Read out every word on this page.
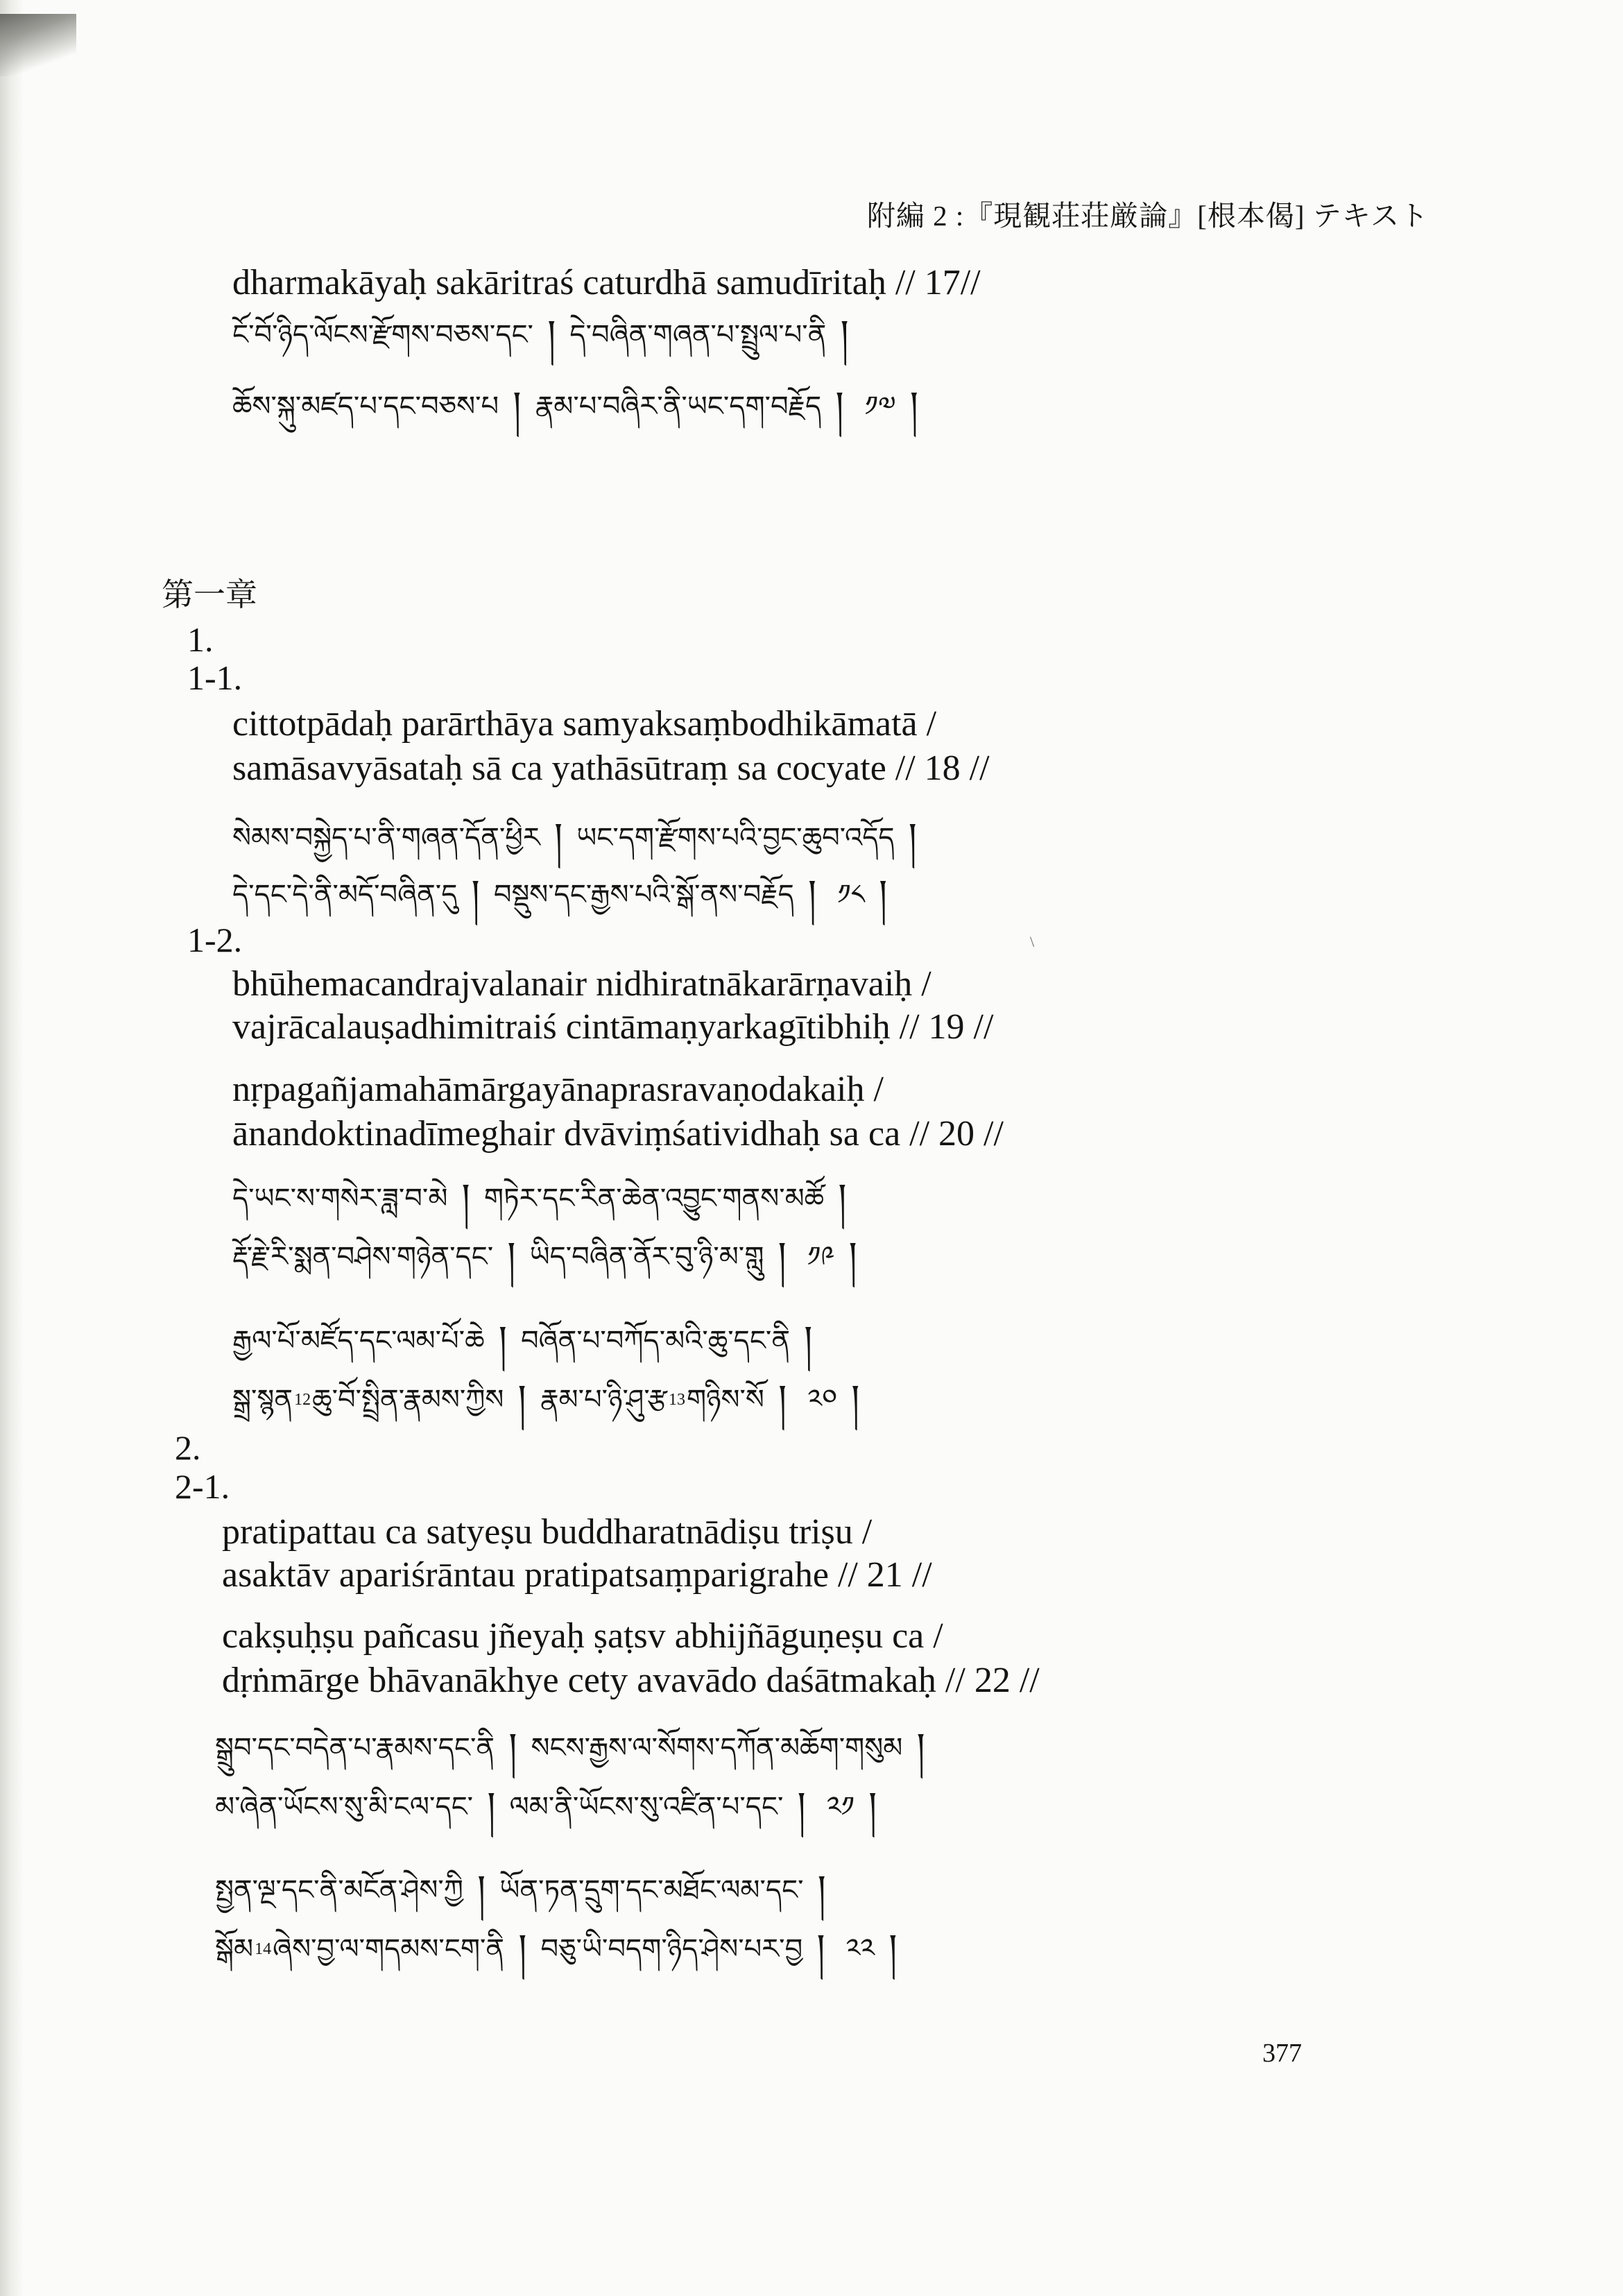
附編 2 :『現観荘荘厳論』[根本偈] テキスト
dharmakāyaḥ sakāritraś caturdhā samudīritaḥ // 17//
ངོ་བོ་ཉིད་ལོངས་རྫོགས་བཅས་དང་ ། དེ་བཞིན་གཞན་པ་སྤྲུལ་པ་ནི །
ཆོས་སྐུ་མཛད་པ་དང་བཅས་པ ། རྣམ་པ་བཞིར་ནི་ཡང་དག་བརྗོད ། ༡༧ །
第一章
1.
1-1.
cittotpādaḥ parārthāya samyaksaṃbodhikāmatā /
samāsavyāsataḥ sā ca yathāsūtraṃ sa cocyate // 18 //
སེམས་བསྐྱེད་པ་ནི་གཞན་དོན་ཕྱིར ། ཡང་དག་རྫོགས་པའི་བྱང་ཆུབ་འདོད །
དེ་དང་དེ་ནི་མདོ་བཞིན་དུ ། བསྡུས་དང་རྒྱས་པའི་སྒོ་ནས་བརྗོད ། ༡༨ །
\
1-2.
bhūhemacandrajvalanair nidhiratnākarārṇavaiḥ /
vajrācalauṣadhimitraiś cintāmaṇyarkagītibhiḥ // 19 //
nṛpagañjamahāmārgayānaprasravaṇodakaiḥ /
ānandoktinadīmeghair dvāviṃśatividhaḥ sa ca // 20 //
དེ་ཡང་ས་གསེར་ཟླ་བ་མེ ། གཏེར་དང་རིན་ཆེན་འབྱུང་གནས་མཚོ །
རྡོ་རྗེ་རི་སྨན་བཤེས་གཉེན་དང་ ། ཡིད་བཞིན་ནོར་བུ་ཉི་མ་གླུ ། ༡༩ །
རྒྱལ་པོ་མཛོད་དང་ལམ་པོ་ཆེ ། བཞོན་པ་བཀོད་མའི་ཆུ་དང་ནི །
སྒྲ་སྙན 12 ཆུ་བོ་སྤྲིན་རྣམས་ཀྱིས ། རྣམ་པ་ཉི་ཤུ་རྩ 13 གཉིས་སོ ། ༢༠ །
2.
2-1.
pratipattau ca satyeṣu buddharatnādiṣu triṣu /
asaktāv apariśrāntau pratipatsaṃparigrahe // 21 //
cakṣuḥṣu pañcasu jñeyaḥ ṣaṭsv abhijñāguṇeṣu ca /
dṛṅmārge bhāvanākhye cety avavādo daśātmakaḥ // 22 //
སྒྲུབ་དང་བདེན་པ་རྣམས་དང་ནི ། སངས་རྒྱས་ལ་སོགས་དཀོན་མཆོག་གསུམ །
མ་ཞེན་ཡོངས་སུ་མི་ངལ་དང་ ། ལམ་ནི་ཡོངས་སུ་འཛིན་པ་དང་ ། ༢༡ །
སྤྱན་ལྔ་དང་ནི་མངོན་ཤེས་ཀྱི ། ཡོན་ཏན་དྲུག་དང་མཐོང་ལམ་དང་ །
སྒོམ 14 ཞེས་བྱ་ལ་གདམས་ངག་ནི ། བཅུ་ཡི་བདག་ཉིད་ཤེས་པར་བྱ ། ༢༢ །
377
